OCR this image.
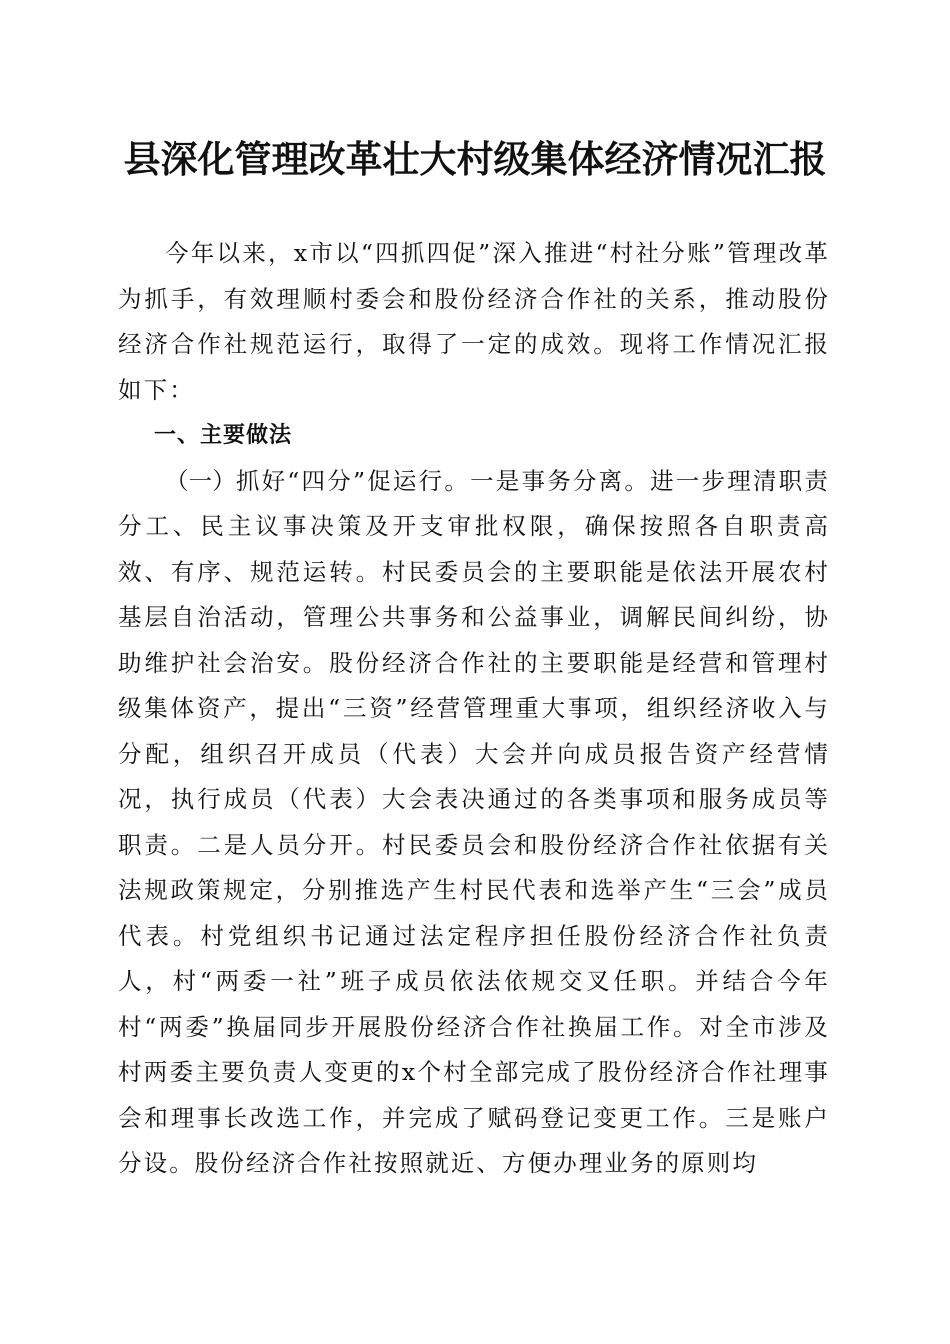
县深化管理改革壮大村级集体经济情况汇报

今年以来，x市以“四抓四促”深入推进“村社分账”管理改革为抓手，有效理顺村委会和股份经济合作社的关系，推动股份经济合作社规范运行，取得了一定的成效。现将工作情况汇报如下：

一、主要做法

（一）抓好“四分”促运行。一是事务分离。进一步理清职责分工、民主议事决策及开支审批权限，确保按照各自职责高效、有序、规范运转。村民委员会的主要职能是依法开展农村基层自治活动，管理公共事务和公益事业，调解民间纠纷，协助维护社会治安。股份经济合作社的主要职能是经营和管理村级集体资产，提出“三资”经营管理重大事项，组织经济收入与分配，组织召开成员（代表）大会并向成员报告资产经营情况，执行成员（代表）大会表决通过的各类事项和服务成员等职责。二是人员分开。村民委员会和股份经济合作社依据有关法规政策规定，分别推选产生村民代表和选举产生“三会”成员代表。村党组织书记通过法定程序担任股份经济合作社负责人，村“两委一社”班子成员依法依规交叉任职。并结合今年村“两委”换届同步开展股份经济合作社换届工作。对全市涉及村两委主要负责人变更的x个村全部完成了股份经济合作社理事会和理事长改选工作，并完成了赋码登记变更工作。三是账户分设。股份经济合作社按照就近、方便办理业务的原则均
